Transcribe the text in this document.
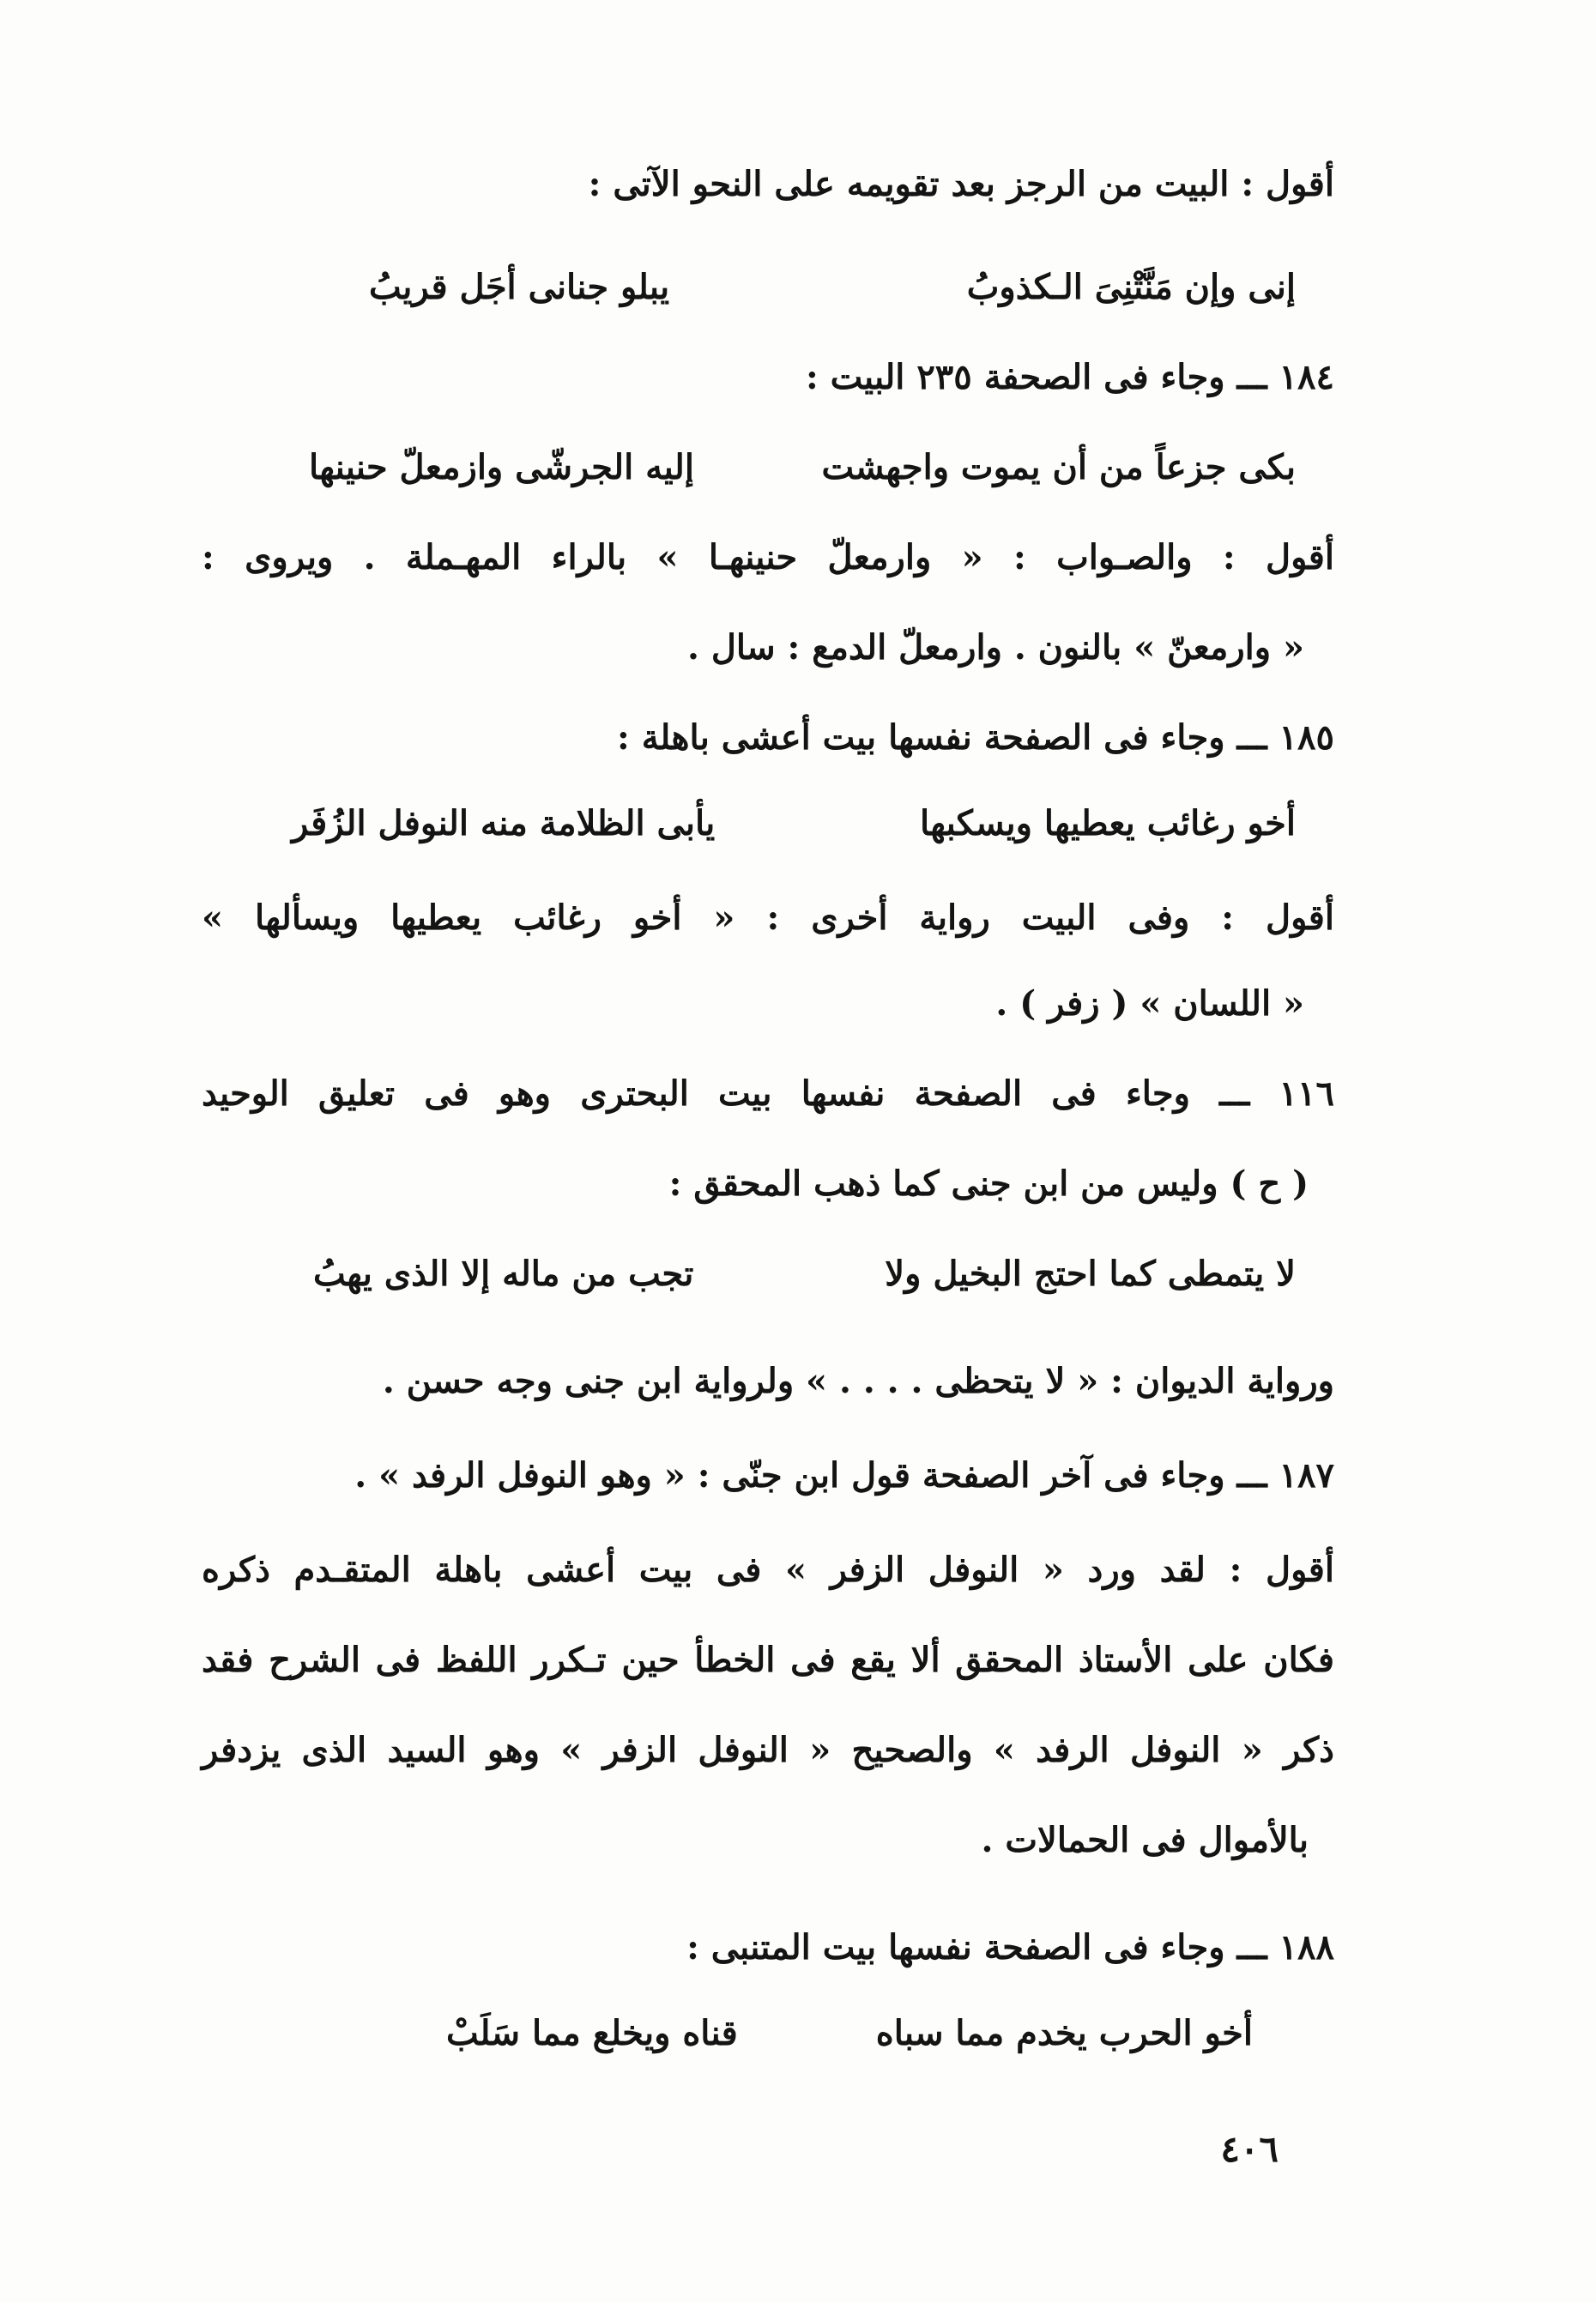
أقول : البيت من الرجز بعد تقويمه على النحو الآتى :
إنى وإن مَنَّتْنِىَ الـكذوبُ
يبلو جنانى أجَل قريبُ
١٨٤ ـــ وجاء فى الصحفة ٢٣٥ البيت :
بكى جزعاً من أن يموت واجهشت
إليه الجرشّى وازمعلّ حنينها
أقول : والصـواب : « وارمعلّ حنينهـا » بالراء المهـملة . ويروى :
« وارمعنّ » بالنون . وارمعلّ الدمع : سال .
١٨٥ ـــ وجاء فى الصفحة نفسها بيت أعشى باهلة :
أخو رغائب يعطيها ويسكبها
يأبى الظلامة منه النوفل الزُفَر
أقول : وفى البيت رواية أخرى : « أخو رغائب يعطيها ويسألها »
« اللسان » ( زفر ) .
١١٦ ـــ وجاء فى الصفحة نفسها بيت البحترى وهو فى تعليق الوحيد
( ح ) وليس من ابن جنى كما ذهب المحقق :
لا يتمطى كما احتج البخيل ولا
تجب من ماله إلا الذى يهبُ
ورواية الديوان : « لا يتحظى . . . . » ولرواية ابن جنى وجه حسن .
١٨٧ ـــ وجاء فى آخر الصفحة قول ابن جنّى : « وهو النوفل الرفد » .
أقول : لقد ورد « النوفل الزفر » فى بيت أعشى باهلة المتقـدم ذكره
فكان على الأستاذ المحقق ألا يقع فى الخطأ حين تـكرر اللفظ فى الشرح فقد
ذكر « النوفل الرفد » والصحيح « النوفل الزفر » وهو السيد الذى يزدفر
بالأموال فى الحمالات .
١٨٨ ـــ وجاء فى الصفحة نفسها بيت المتنبى :
أخو الحرب يخدم مما سباه
قناه ويخلع مما سَلَبْ
٤٠٦
